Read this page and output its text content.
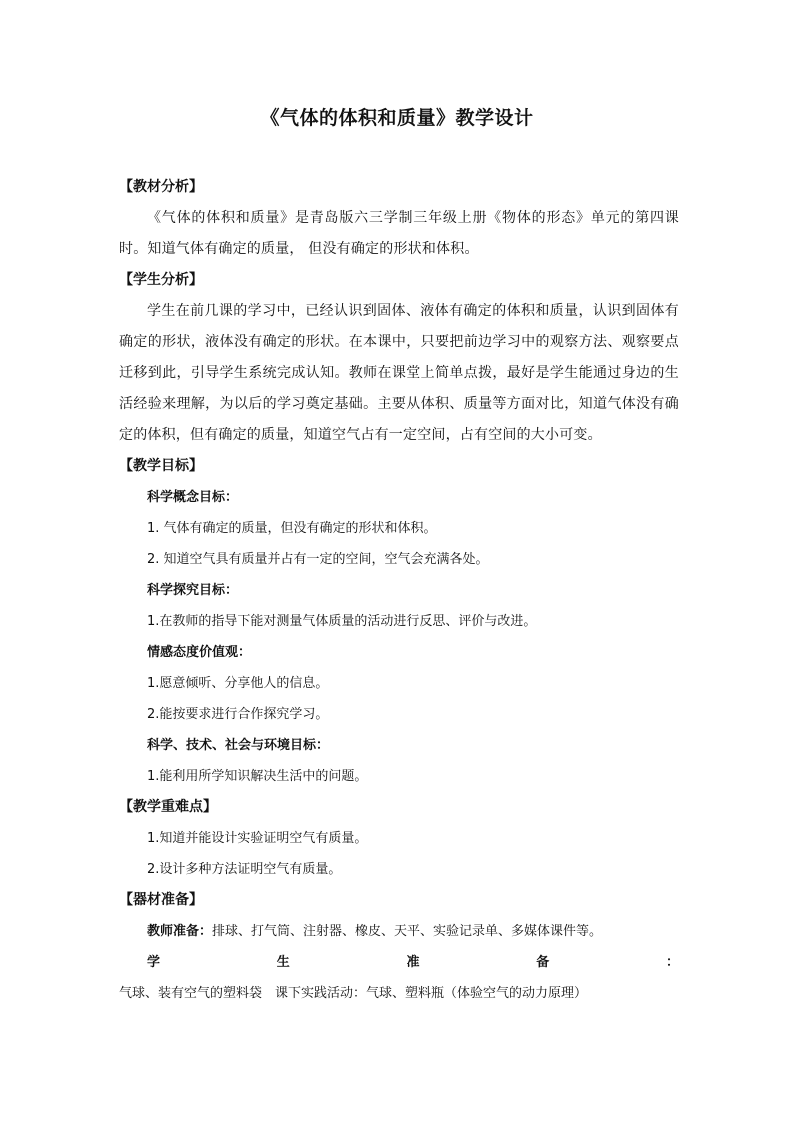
《气体的体积和质量》教学设计

【教材分析】

《气体的体积和质量》是青岛版六三学制三年级上册《物体的形态》单元的第四课时。知道气体有确定的质量， 但没有确定的形状和体积。

【学生分析】

学生在前几课的学习中，已经认识到固体、液体有确定的体积和质量，认识到固体有确定的形状，液体没有确定的形状。在本课中，只要把前边学习中的观察方法、观察要点迁移到此，引导学生系统完成认知。教师在课堂上简单点拨，最好是学生能通过身边的生活经验来理解，为以后的学习奠定基础。主要从体积、质量等方面对比，知道气体没有确定的体积，但有确定的质量，知道空气占有一定空间，占有空间的大小可变。

【教学目标】

科学概念目标：

1. 气体有确定的质量，但没有确定的形状和体积。

2. 知道空气具有质量并占有一定的空间，空气会充满各处。

科学探究目标：

1.在教师的指导下能对测量气体质量的活动进行反思、评价与改进。

情感态度价值观：

1.愿意倾听、分享他人的信息。

2.能按要求进行合作探究学习。

科学、技术、社会与环境目标：

1.能利用所学知识解决生活中的问题。

【教学重难点】

1.知道并能设计实验证明空气有质量。

2.设计多种方法证明空气有质量。

【器材准备】

教师准备：排球、打气筒、注射器、橡皮、天平、实验记录单、多媒体课件等。

学生准备：气球、装有空气的塑料袋　课下实践活动：气球、塑料瓶（体验空气的动力原理）
